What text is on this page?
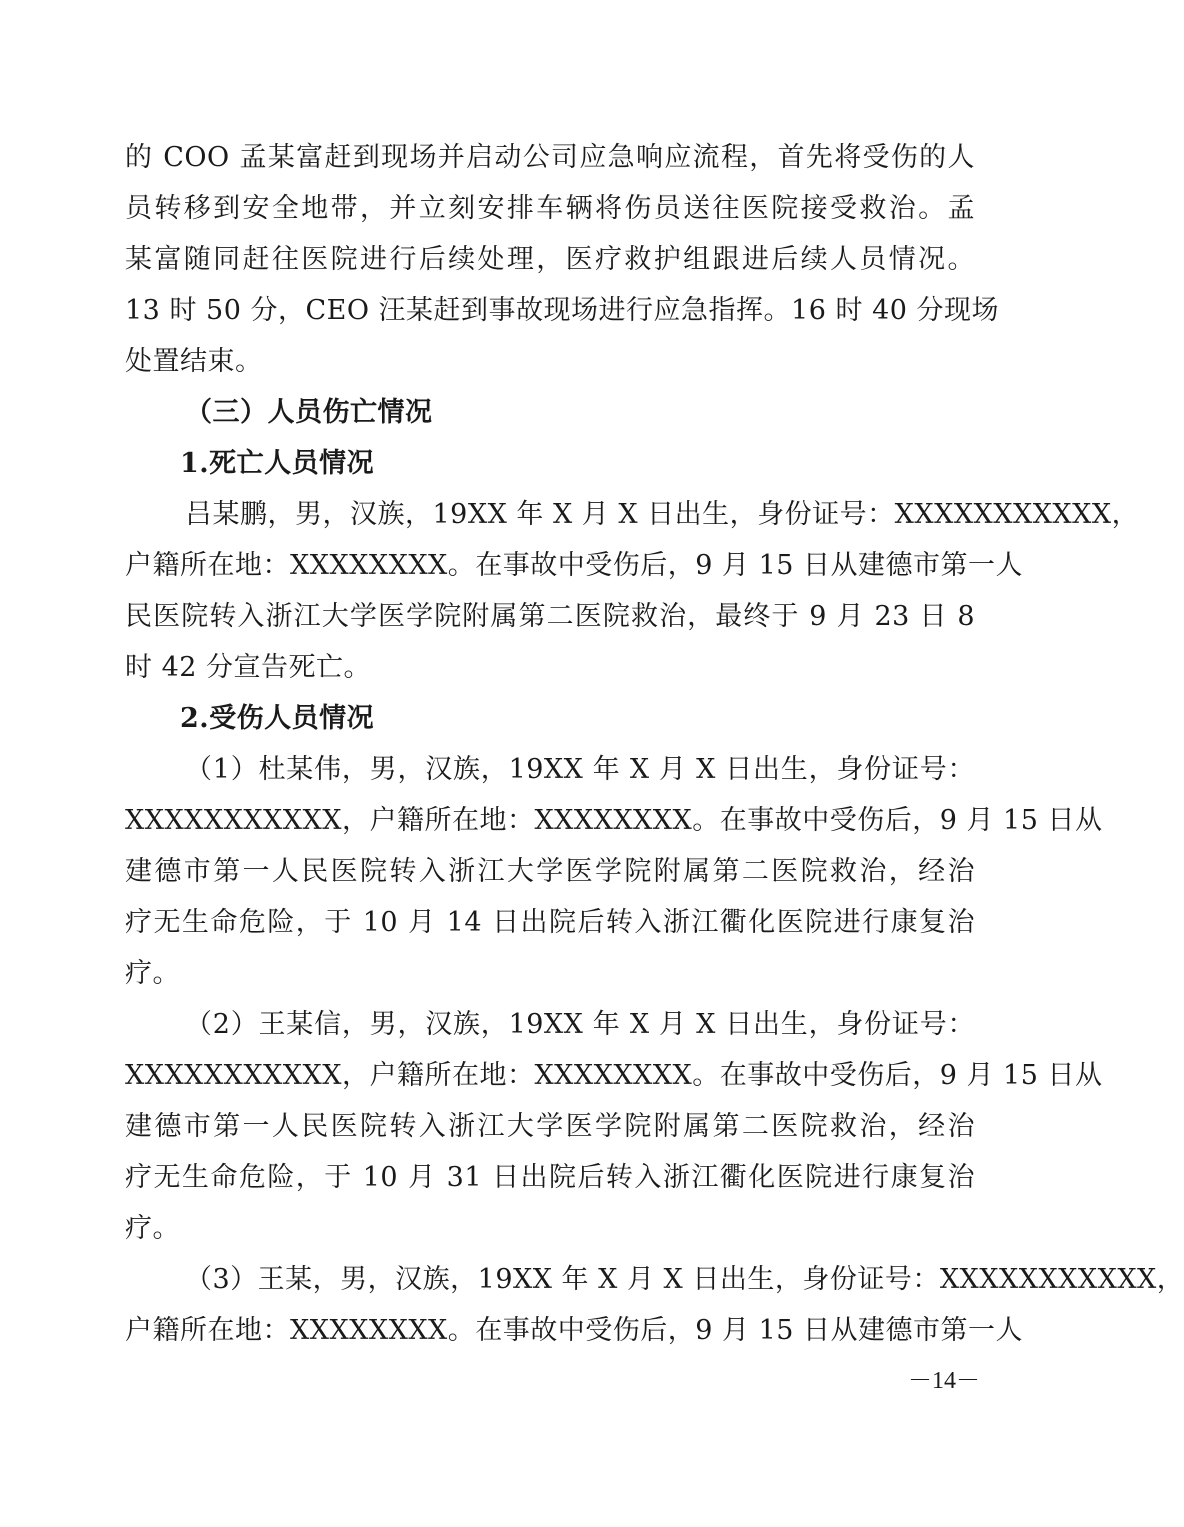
的 COO 孟某富赶到现场并启动公司应急响应流程，首先将受伤的人
员转移到安全地带，并立刻安排车辆将伤员送往医院接受救治。孟
某富随同赶往医院进行后续处理，医疗救护组跟进后续人员情况。
13 时 50 分，CEO 汪某赶到事故现场进行应急指挥。16 时 40 分现场
处置结束。
（三）人员伤亡情况
1.死亡人员情况
吕某鹏，男，汉族，19XX 年 X 月 X 日出生，身份证号：XXXXXXXXXXX，
户籍所在地：XXXXXXXX。在事故中受伤后，9 月 15 日从建德市第一人
民医院转入浙江大学医学院附属第二医院救治，最终于 9 月 23 日 8
时 42 分宣告死亡。
2.受伤人员情况
（1）杜某伟，男，汉族，19XX 年 X 月 X 日出生，身份证号：
XXXXXXXXXXX，户籍所在地：XXXXXXXX。在事故中受伤后，9 月 15 日从
建德市第一人民医院转入浙江大学医学院附属第二医院救治，经治
疗无生命危险，于 10 月 14 日出院后转入浙江衢化医院进行康复治
疗。
（2）王某信，男，汉族，19XX 年 X 月 X 日出生，身份证号：
XXXXXXXXXXX，户籍所在地：XXXXXXXX。在事故中受伤后，9 月 15 日从
建德市第一人民医院转入浙江大学医学院附属第二医院救治，经治
疗无生命危险，于 10 月 31 日出院后转入浙江衢化医院进行康复治
疗。
（3）王某，男，汉族，19XX 年 X 月 X 日出生，身份证号：XXXXXXXXXXX，
户籍所在地：XXXXXXXX。在事故中受伤后，9 月 15 日从建德市第一人
－14－
